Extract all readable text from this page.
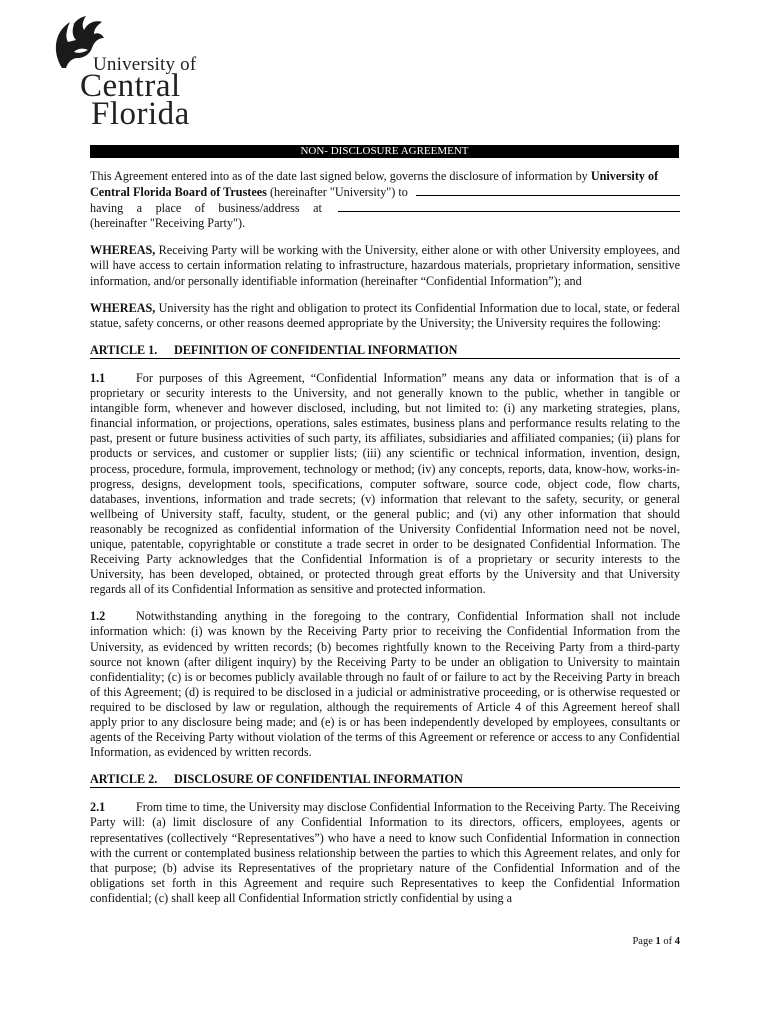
University of
Central
Florida
NON- DISCLOSURE AGREEMENT

This Agreement entered into as of the date last signed below, governs the disclosure of information by University of

Central Florida Board of Trustees
(hereinafter "University") to
having a place of business/address at

(hereinafter "Receiving Party").

WHEREAS, Receiving Party will be working with the University, either alone or with other University employees, and will have access to certain information relating to infrastructure, hazardous materials, proprietary information, sensitive information, and/or personally identifiable information (hereinafter “Confidential Information”); and

WHEREAS, University has the right and obligation to protect its Confidential Information due to local, state, or federal statue, safety concerns, or other reasons deemed appropriate by the University; the University requires the following:

ARTICLE 1.	DEFINITION OF CONFIDENTIAL INFORMATION

1.1	For purposes of this Agreement, “Confidential Information” means any data or information that is of a proprietary or security interests to the University, and not generally known to the public, whether in tangible or intangible form, whenever and however disclosed, including, but not limited to: (i) any marketing strategies, plans, financial information, or projections, operations, sales estimates, business plans and performance results relating to the past, present or future business activities of such party, its affiliates, subsidiaries and affiliated companies; (ii) plans for products or services, and customer or supplier lists; (iii) any scientific or technical information, invention, design, process, procedure, formula, improvement, technology or method; (iv) any concepts, reports, data, know-how, works-in-progress, designs, development tools, specifications, computer software, source code, object code, flow charts, databases, inventions, information and trade secrets; (v) information that relevant to the safety, security, or general wellbeing of University staff, faculty, student, or the general public; and (vi) any other information that should reasonably be recognized as confidential information of the University Confidential Information need not be novel, unique, patentable, copyrightable or constitute a trade secret in order to be designated Confidential Information. The Receiving Party acknowledges that the Confidential Information is of a proprietary or security interests to the University, has been developed, obtained, or protected through great efforts by the University and that University regards all of its Confidential Information as sensitive and protected information.

1.2	Notwithstanding anything in the foregoing to the contrary, Confidential Information shall not include information which: (i) was known by the Receiving Party prior to receiving the Confidential Information from the University, as evidenced by written records; (b) becomes rightfully known to the Receiving Party from a third-party source not known (after diligent inquiry) by the Receiving Party to be under an obligation to University to maintain confidentiality; (c) is or becomes publicly available through no fault of or failure to act by the Receiving Party in breach of this Agreement; (d) is required to be disclosed in a judicial or administrative proceeding, or is otherwise requested or required to be disclosed by law or regulation, although the requirements of Article 4 of this Agreement hereof shall apply prior to any disclosure being made; and (e) is or has been independently developed by employees, consultants or agents of the Receiving Party without violation of the terms of this Agreement or reference or access to any Confidential Information, as evidenced by written records.

ARTICLE 2.	DISCLOSURE OF CONFIDENTIAL INFORMATION

2.1	From time to time, the University may disclose Confidential Information to the Receiving Party. The Receiving Party will: (a) limit disclosure of any Confidential Information to its directors, officers, employees, agents or representatives (collectively “Representatives”) who have a need to know such Confidential Information in connection with the current or contemplated business relationship between the parties to which this Agreement relates, and only for that purpose; (b) advise its Representatives of the proprietary nature of the Confidential Information and of the obligations set forth in this Agreement and require such Representatives to keep the Confidential Information confidential; (c) shall keep all Confidential Information strictly confidential by using a

Page 1 of 4
